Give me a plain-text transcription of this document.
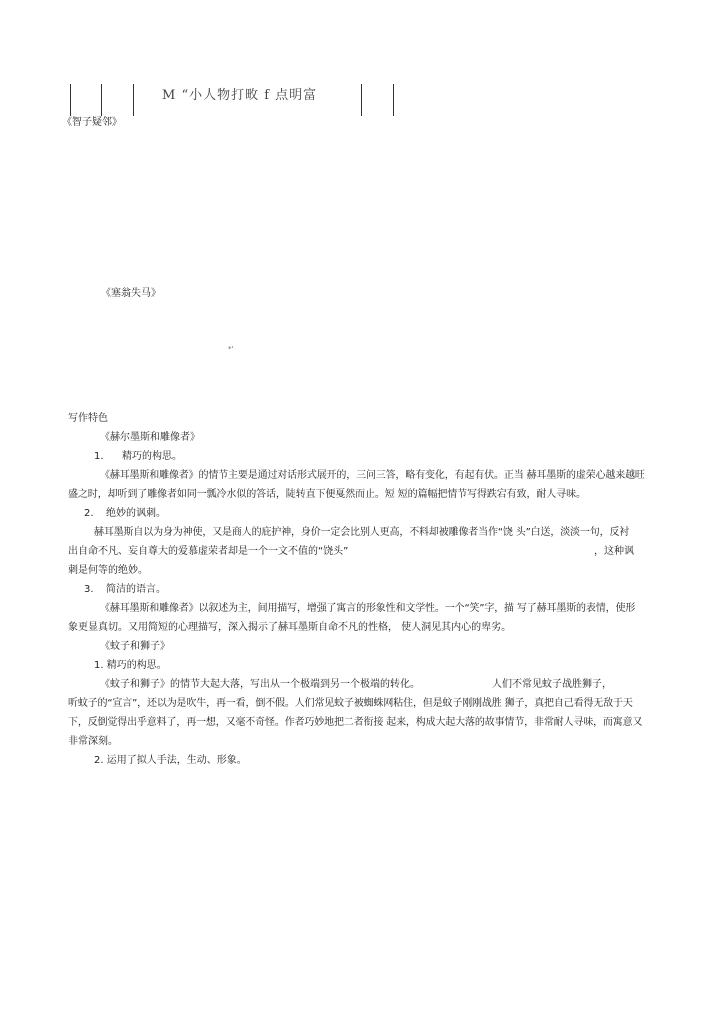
M “小人物打畋 f 点明富
《智子疑邻》
《塞翁失马》
*'
写作特色
《赫尔墨斯和雕像者》
1. 精巧的构思。
《赫耳墨斯和雕像者》的情节主要是通过对话形式展开的，三问三答，略有变化，有起有伏。正当 赫耳墨斯的虚荣心越来越旺
盛之时，却听到了雕像者如同一瓢冷水似的答话，陡转直下便戛然而止。短 短的篇幅把情节写得跌宕有致，耐人寻味。
2. 绝妙的讽刺。
赫耳墨斯自以为身为神使，又是商人的庇护神，身价一定会比别人更高，不料却被雕像者当作“饶 头”白送，淡淡一句，反衬
出自命不凡、妄自尊大的爱慕虚荣者却是一个一文不值的“饶头”	，这种讽
刺是何等的绝妙。
3. 简洁的语言。
《赫耳墨斯和雕像者》以叙述为主，间用描写，增强了寓言的形象性和文学性。一个“笑”字，描 写了赫耳墨斯的表情，使形
象更显真切。又用简短的心理描写，深入揭示了赫耳墨斯自命不凡的性格， 使人洞见其内心的卑劣。
《蚊子和狮子》
1. 精巧的构思。
《蚊子和狮子》的情节大起大落，写出从一个极端到另一个极端的转化。	人们不常见蚊子战胜狮子，
听蚊子的“宣言”，还以为是吹牛，再一看，倒不假。人们常见蚊子被蜘蛛网粘住，但是蚊子刚刚战胜 狮子，真把自己看得无敌于天
下，反倒觉得出乎意料了，再一想，又毫不奇怪。作者巧妙地把二者衔接 起来，构成大起大落的故事情节，非常耐人寻味，而寓意又
非常深刻。
2. 运用了拟人手法，生动、形象。
